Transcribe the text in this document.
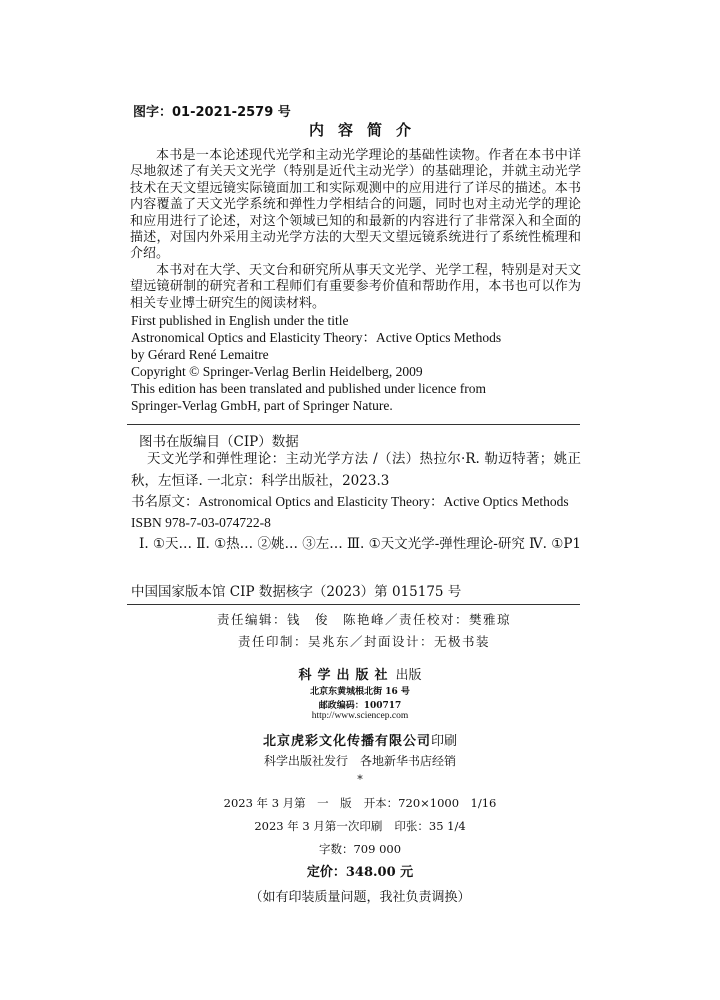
图字：01-2021-2579 号
内容简介

本书是一本论述现代光学和主动光学理论的基础性读物。作者在本书中详尽地叙述了有关天文光学（特别是近代主动光学）的基础理论，并就主动光学技术在天文望远镜实际镜面加工和实际观测中的应用进行了详尽的描述。本书内容覆盖了天文光学系统和弹性力学相结合的问题，同时也对主动光学的理论和应用进行了论述，对这个领域已知的和最新的内容进行了非常深入和全面的描述，对国内外采用主动光学方法的大型天文望远镜系统进行了系统性梳理和介绍。

本书对在大学、天文台和研究所从事天文光学、光学工程，特别是对天文望远镜研制的研究者和工程师们有重要参考价值和帮助作用，本书也可以作为相关专业博士研究生的阅读材料。

First published in English under the title
Astronomical Optics and Elasticity Theory：Active Optics Methods
by Gérard René Lemaitre
Copyright © Springer-Verlag Berlin Heidelberg, 2009
This edition has been translated and published under licence from
Springer-Verlag GmbH, part of Springer Nature.
图书在版编目（CIP）数据

天文光学和弹性理论：主动光学方法 /（法）热拉尔·R. 勒迈特著；姚正秋，左恒译. 一北京：科学出版社，2023.3

书名原文：Astronomical Optics and Elasticity Theory：Active Optics Methods

ISBN 978-7-03-074722-8

Ⅰ. ①天… Ⅱ. ①热… ②姚… ③左… Ⅲ. ①天文光学-弹性理论-研究 Ⅳ. ①P1

中国国家版本馆 CIP 数据核字（2023）第 015175 号

责任编辑：钱　俊　陈艳峰／责任校对：樊雅琼
责任印制：吴兆东／封面设计：无极书装
科学出版社 出版
北京东黄城根北街 16 号
邮政编码：100717
http://www.sciencep.com
北京虎彩文化传播有限公司印刷
科学出版社发行　各地新华书店经销
*
2023 年 3 月第　一　版 开本：720×1000　1/16
2023 年 3 月第一次印刷 印张：35 1/4
字数：709 000
定价：348.00 元
（如有印装质量问题，我社负责调换）
